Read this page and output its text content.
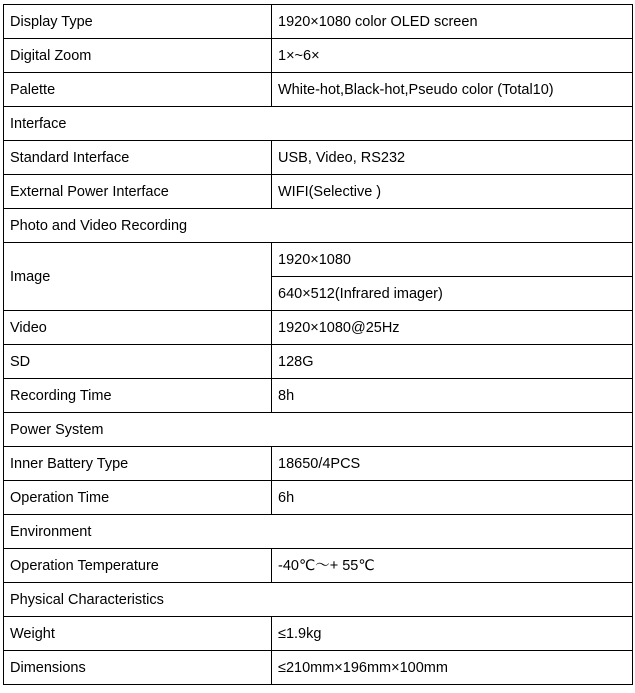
Display Type	1920×1080 color OLED screen
Digital Zoom	1×~6×
Palette	White-hot,Black-hot,Pseudo color (Total10)
Interface	
Standard Interface	USB, Video, RS232
External Power Interface	WIFI(Selective )
Photo and Video Recording	
Image	1920×1080
	640×512(Infrared imager)
Video	1920×1080@25Hz
SD	128G
Recording Time	8h
Power System	
Inner Battery Type	18650/4PCS
Operation Time	6h
Environment	
Operation Temperature	-40℃～+ 55℃
Physical Characteristics	
Weight	≤1.9kg
Dimensions	≤210mm×196mm×100mm
